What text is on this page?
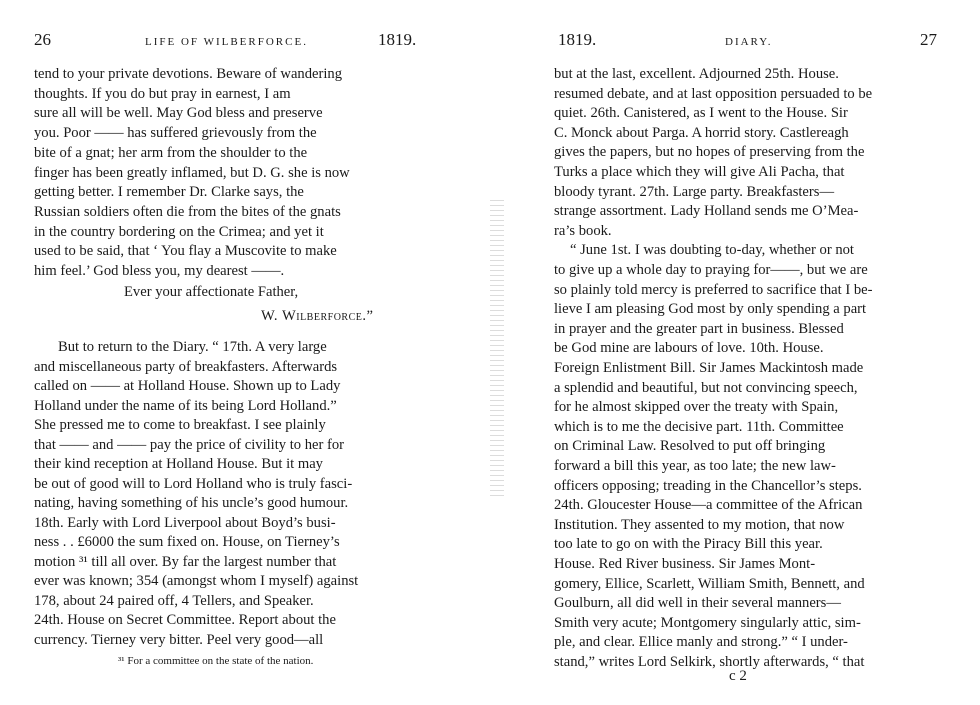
26	LIFE OF WILBERFORCE.	1819.
tend to your private devotions. Beware of wandering
thoughts. If you do but pray in earnest, I am
sure all will be well. May God bless and preserve
you. Poor —— has suffered grievously from the
bite of a gnat; her arm from the shoulder to the
finger has been greatly inflamed, but D. G. she is now
getting better. I remember Dr. Clarke says, the
Russian soldiers often die from the bites of the gnats
in the country bordering on the Crimea; and yet it
used to be said, that ‘ You flay a Muscovite to make
him feel.’ God bless you, my dearest ——.
Ever your affectionate Father,
W. Wilberforce.”
But to return to the Diary. “ 17th. A very large
and miscellaneous party of breakfasters. Afterwards
called on —— at Holland House. Shown up to Lady
Holland under the name of its being Lord Holland.”
She pressed me to come to breakfast. I see plainly
that —— and —— pay the price of civility to her for
their kind reception at Holland House. But it may
be out of good will to Lord Holland who is truly fasci-
nating, having something of his uncle’s good humour.
18th. Early with Lord Liverpool about Boyd’s busi-
ness . . £6000 the sum fixed on. House, on Tierney’s
motion ³¹ till all over. By far the largest number that
ever was known; 354 (amongst whom I myself) against
178, about 24 paired off, 4 Tellers, and Speaker.
24th. House on Secret Committee. Report about the
currency. Tierney very bitter. Peel very good—all
³¹ For a committee on the state of the nation.
1819.	DIARY.	27
but at the last, excellent. Adjourned 25th. House.
resumed debate, and at last opposition persuaded to be
quiet. 26th. Canistered, as I went to the House. Sir
C. Monck about Parga. A horrid story. Castlereagh
gives the papers, but no hopes of preserving from the
Turks a place which they will give Ali Pacha, that
bloody tyrant. 27th. Large party. Breakfasters—
strange assortment. Lady Holland sends me O’Mea-
ra’s book.
“ June 1st. I was doubting to-day, whether or not
to give up a whole day to praying for——, but we are
so plainly told mercy is preferred to sacrifice that I be-
lieve I am pleasing God most by only spending a part
in prayer and the greater part in business. Blessed
be God mine are labours of love. 10th. House.
Foreign Enlistment Bill. Sir James Mackintosh made
a splendid and beautiful, but not convincing speech,
for he almost skipped over the treaty with Spain,
which is to me the decisive part. 11th. Committee
on Criminal Law. Resolved to put off bringing
forward a bill this year, as too late; the new law-
officers opposing; treading in the Chancellor’s steps.
24th. Gloucester House—a committee of the African
Institution. They assented to my motion, that now
too late to go on with the Piracy Bill this year.
House. Red River business. Sir James Mont-
gomery, Ellice, Scarlett, William Smith, Bennett, and
Goulburn, all did well in their several manners—
Smith very acute; Montgomery singularly attic, sim-
ple, and clear. Ellice manly and strong.” “ I under-
stand,” writes Lord Selkirk, shortly afterwards, “ that
c 2
